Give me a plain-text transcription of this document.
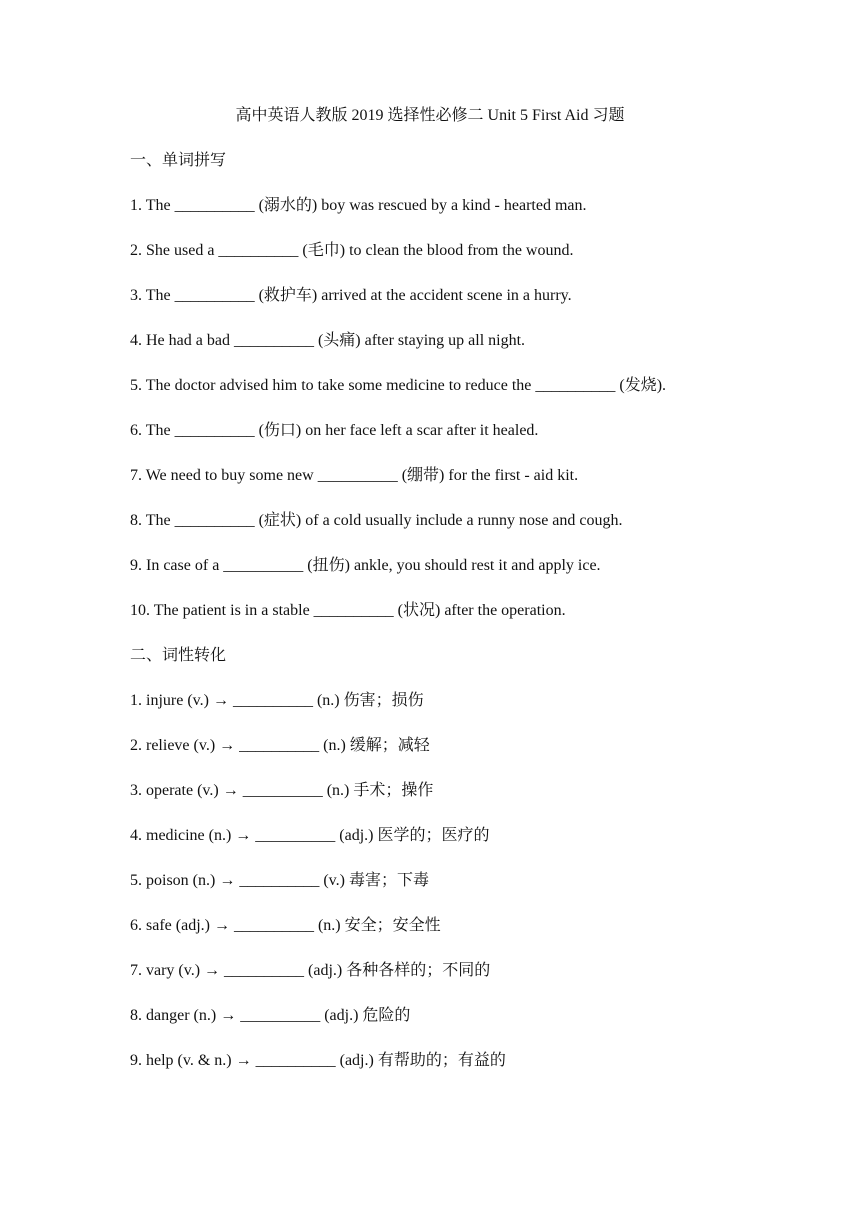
高中英语人教版 2019 选择性必修二 Unit 5 First Aid 习题
一、单词拼写
1. The __________ (溺水的) boy was rescued by a kind - hearted man.
2. She used a __________ (毛巾) to clean the blood from the wound.
3. The __________ (救护车) arrived at the accident scene in a hurry.
4. He had a bad __________ (头痛) after staying up all night.
5. The doctor advised him to take some medicine to reduce the __________ (发烧).
6. The __________ (伤口) on her face left a scar after it healed.
7. We need to buy some new __________ (绷带) for the first - aid kit.
8. The __________ (症状) of a cold usually include a runny nose and cough.
9. In case of a __________ (扭伤) ankle, you should rest it and apply ice.
10. The patient is in a stable __________ (状况) after the operation.
二、词性转化
1. injure (v.) → __________ (n.) 伤害；损伤
2. relieve (v.) → __________ (n.) 缓解；减轻
3. operate (v.) → __________ (n.) 手术；操作
4. medicine (n.) → __________ (adj.) 医学的；医疗的
5. poison (n.) → __________ (v.) 毒害；下毒
6. safe (adj.) → __________ (n.) 安全；安全性
7. vary (v.) → __________ (adj.) 各种各样的；不同的
8. danger (n.) → __________ (adj.) 危险的
9. help (v. & n.) → __________ (adj.) 有帮助的；有益的
